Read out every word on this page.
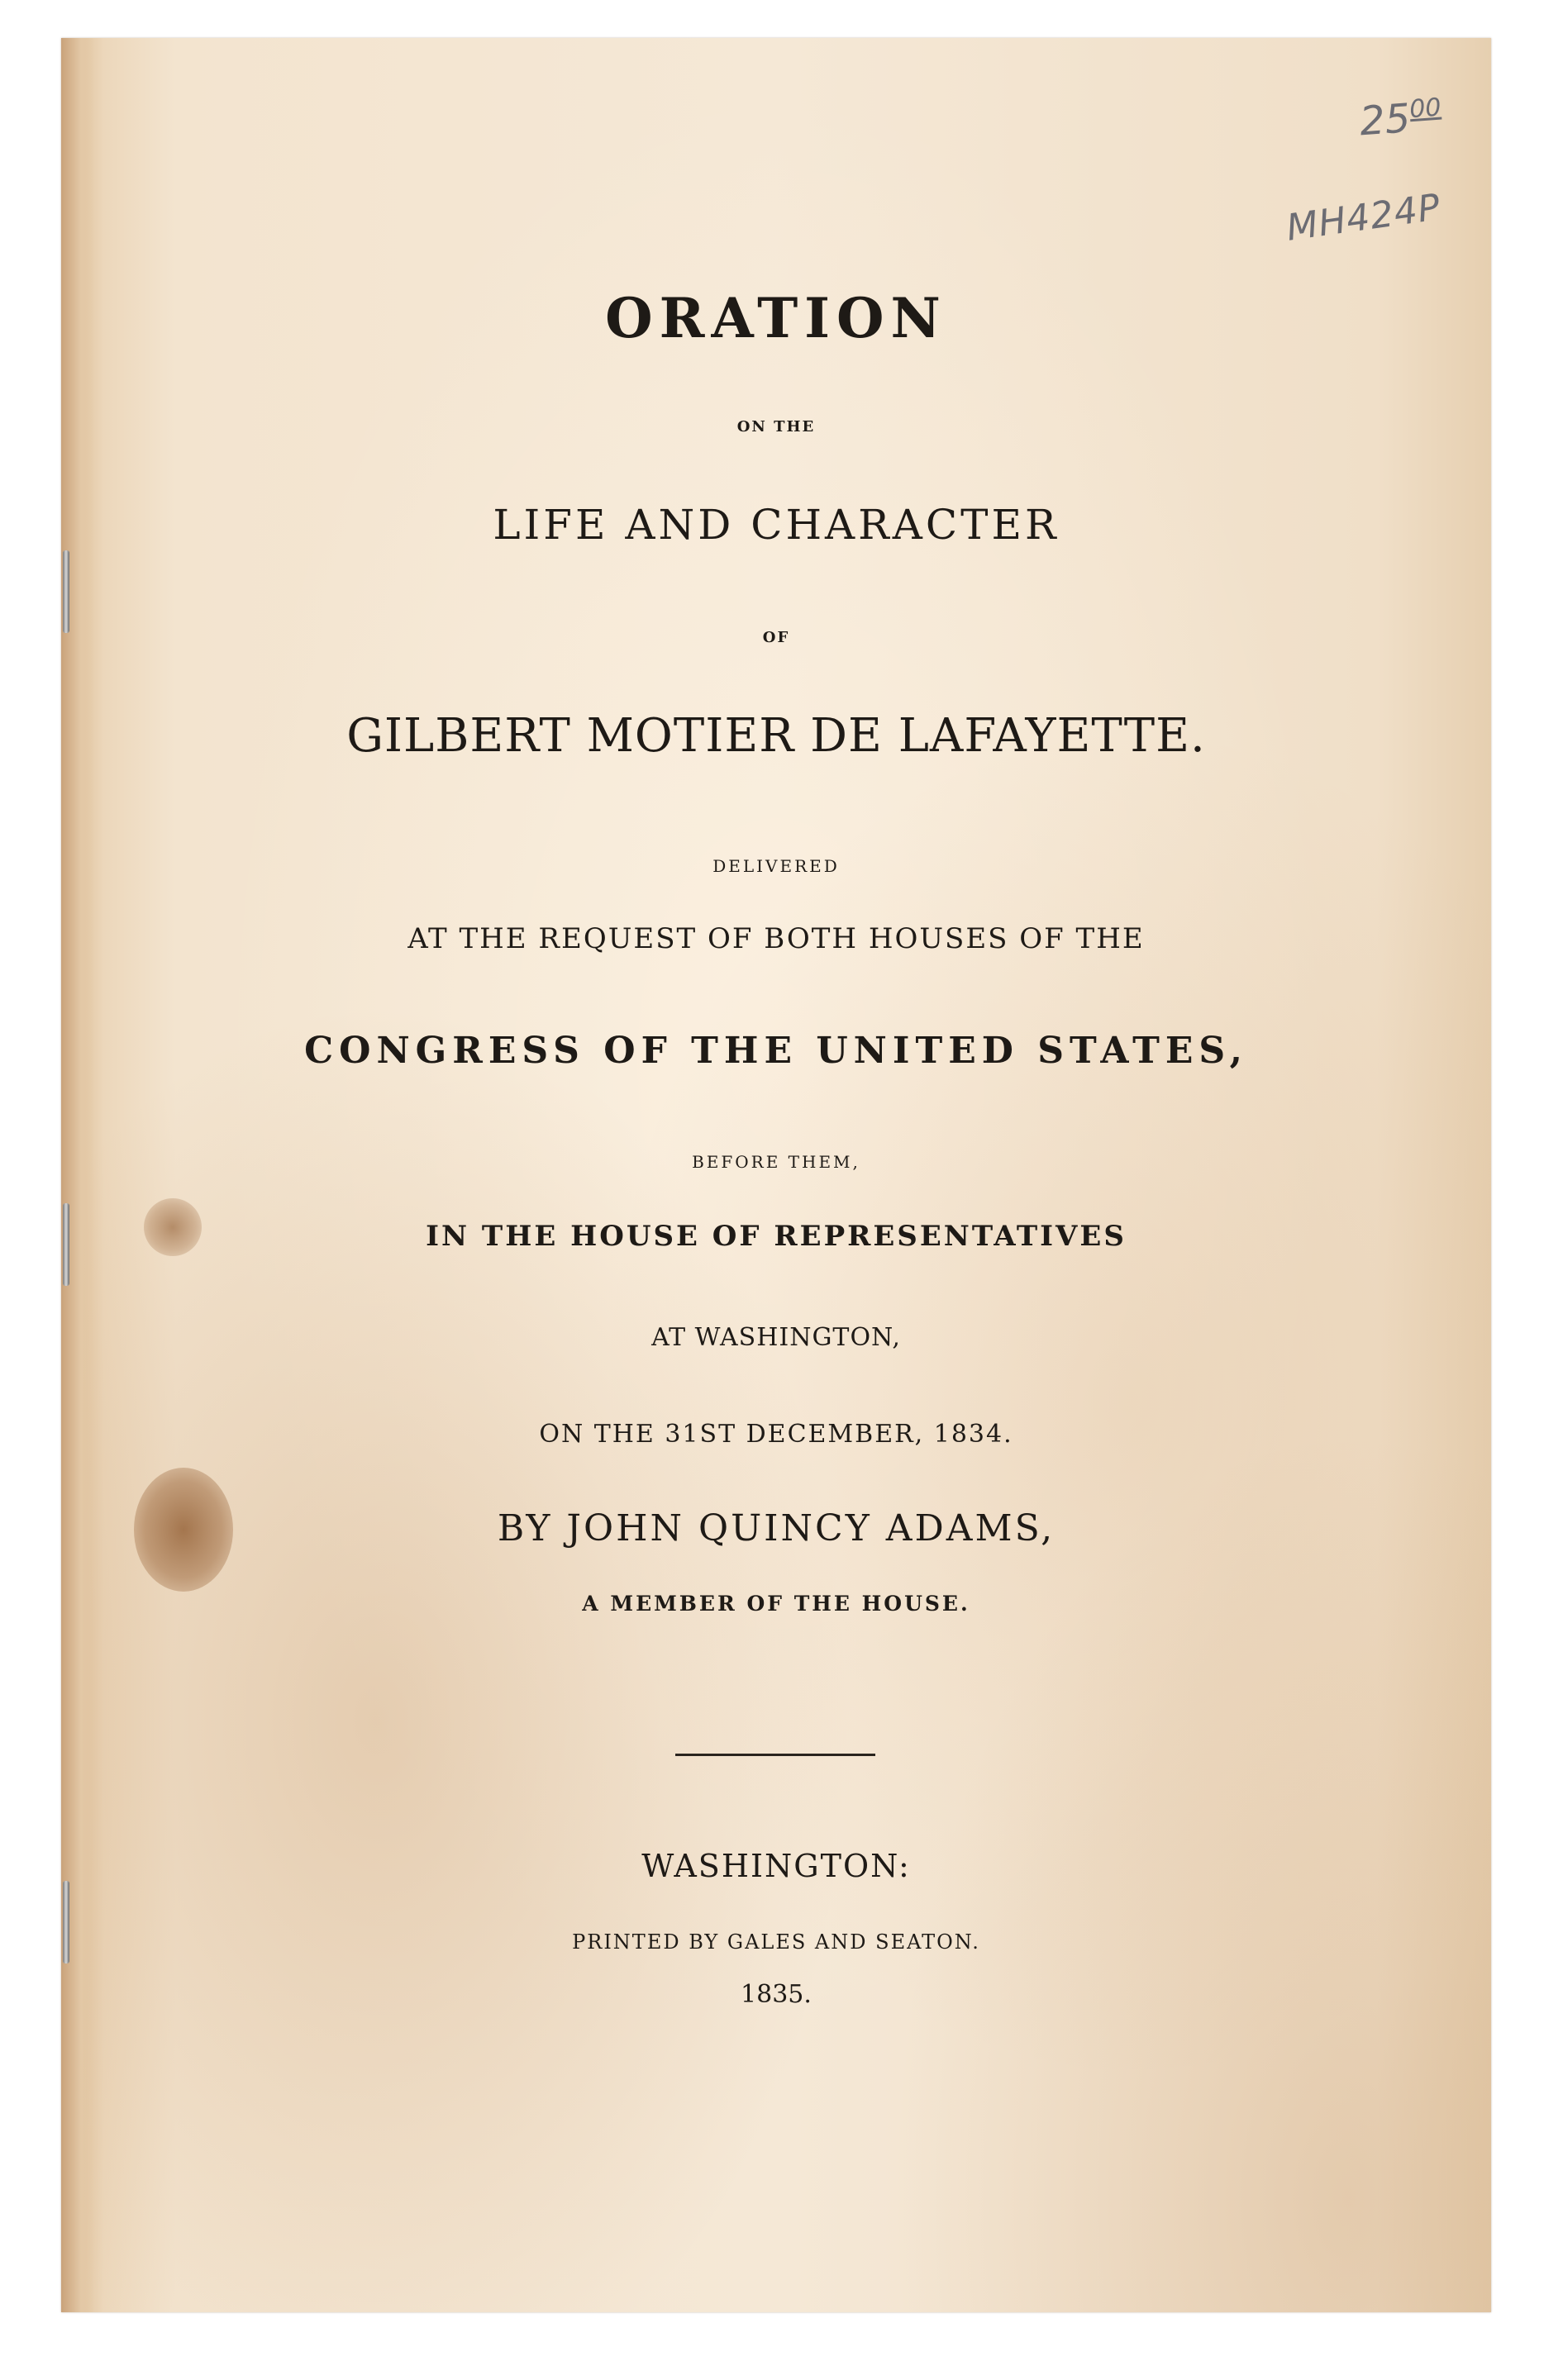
$25^{00}$
MH424P

ORATION

ON THE

LIFE AND CHARACTER

OF

GILBERT MOTIER DE LAFAYETTE.

DELIVERED

AT THE REQUEST OF BOTH HOUSES OF THE

CONGRESS OF THE UNITED STATES,

BEFORE THEM,

IN THE HOUSE OF REPRESENTATIVES

AT WASHINGTON,

ON THE 31ST DECEMBER, 1834.

BY JOHN QUINCY ADAMS,

A MEMBER OF THE HOUSE.

WASHINGTON:

PRINTED BY GALES AND SEATON.

1835.
